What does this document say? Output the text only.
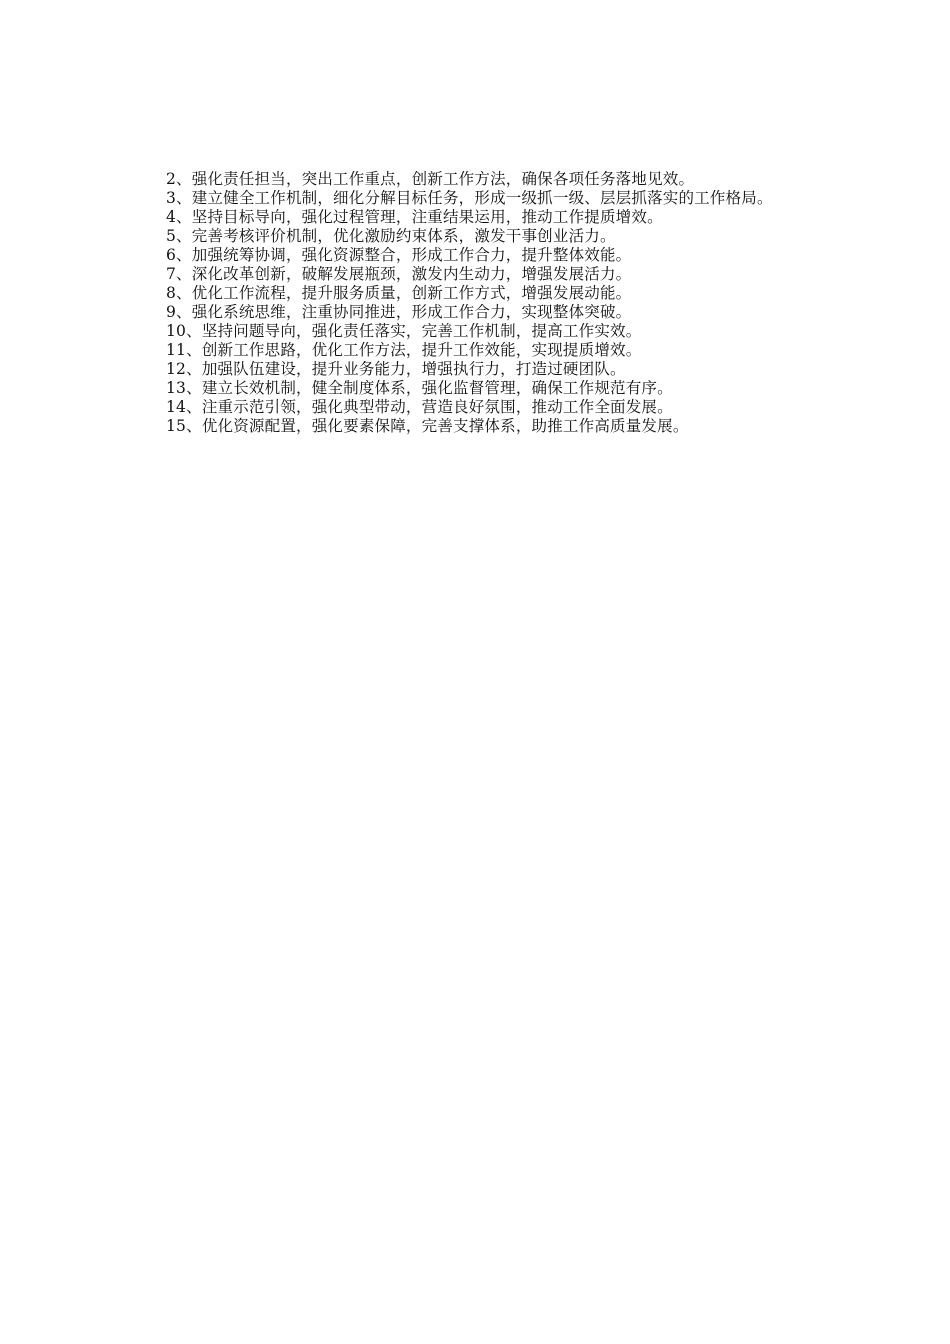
2、强化责任担当，突出工作重点，创新工作方法，确保各项任务落地见效。

3、建立健全工作机制，细化分解目标任务，形成一级抓一级、层层抓落实的工作格局。

4、坚持目标导向，强化过程管理，注重结果运用，推动工作提质增效。

5、完善考核评价机制，优化激励约束体系，激发干事创业活力。

6、加强统筹协调，强化资源整合，形成工作合力，提升整体效能。

7、深化改革创新，破解发展瓶颈，激发内生动力，增强发展活力。

8、优化工作流程，提升服务质量，创新工作方式，增强发展动能。

9、强化系统思维，注重协同推进，形成工作合力，实现整体突破。

10、坚持问题导向，强化责任落实，完善工作机制，提高工作实效。

11、创新工作思路，优化工作方法，提升工作效能，实现提质增效。

12、加强队伍建设，提升业务能力，增强执行力，打造过硬团队。

13、建立长效机制，健全制度体系，强化监督管理，确保工作规范有序。

14、注重示范引领，强化典型带动，营造良好氛围，推动工作全面发展。

15、优化资源配置，强化要素保障，完善支撑体系，助推工作高质量发展。
